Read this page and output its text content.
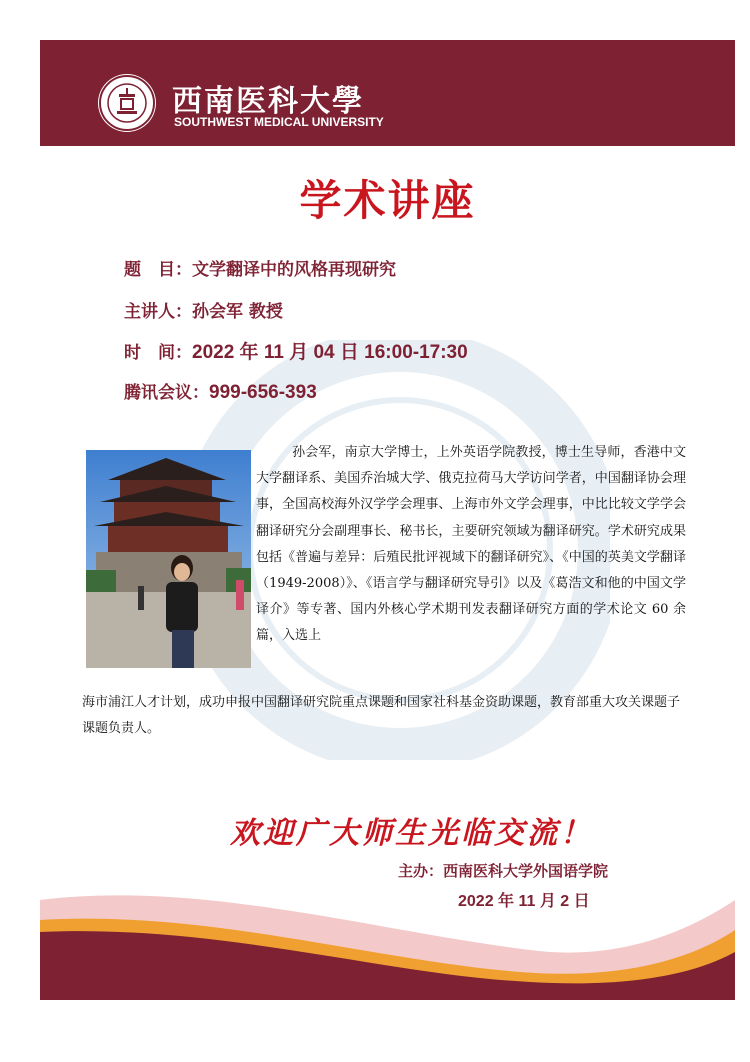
西南医科大學
SOUTHWEST MEDICAL UNIVERSITY
学术讲座
题　目：文学翻译中的风格再现研究
主讲人：孙会军 教授
时　间：2022 年 11 月 04 日 16:00-17:30
腾讯会议：999-656-393
孙会军，南京大学博士，上外英语学院教授，博士生导师，香港中文大学翻译系、美国乔治城大学、俄克拉荷马大学访问学者，中国翻译协会理事，全国高校海外汉学学会理事、上海市外文学会理事，中比比较文学学会翻译研究分会副理事长、秘书长，主要研究领域为翻译研究。学术研究成果包括《普遍与差异：后殖民批评视域下的翻译研究》、《中国的英美文学翻译（1949-2008）》、《语言学与翻译研究导引》以及《葛浩文和他的中国文学译介》等专著、国内外核心学术期刊发表翻译研究方面的学术论文 60 余篇，入选上
海市浦江人才计划，成功申报中国翻译研究院重点课题和国家社科基金资助课题，教育部重大攻关课题子课题负责人。
欢迎广大师生光临交流！
主办：西南医科大学外国语学院
2022 年 11 月 2 日
